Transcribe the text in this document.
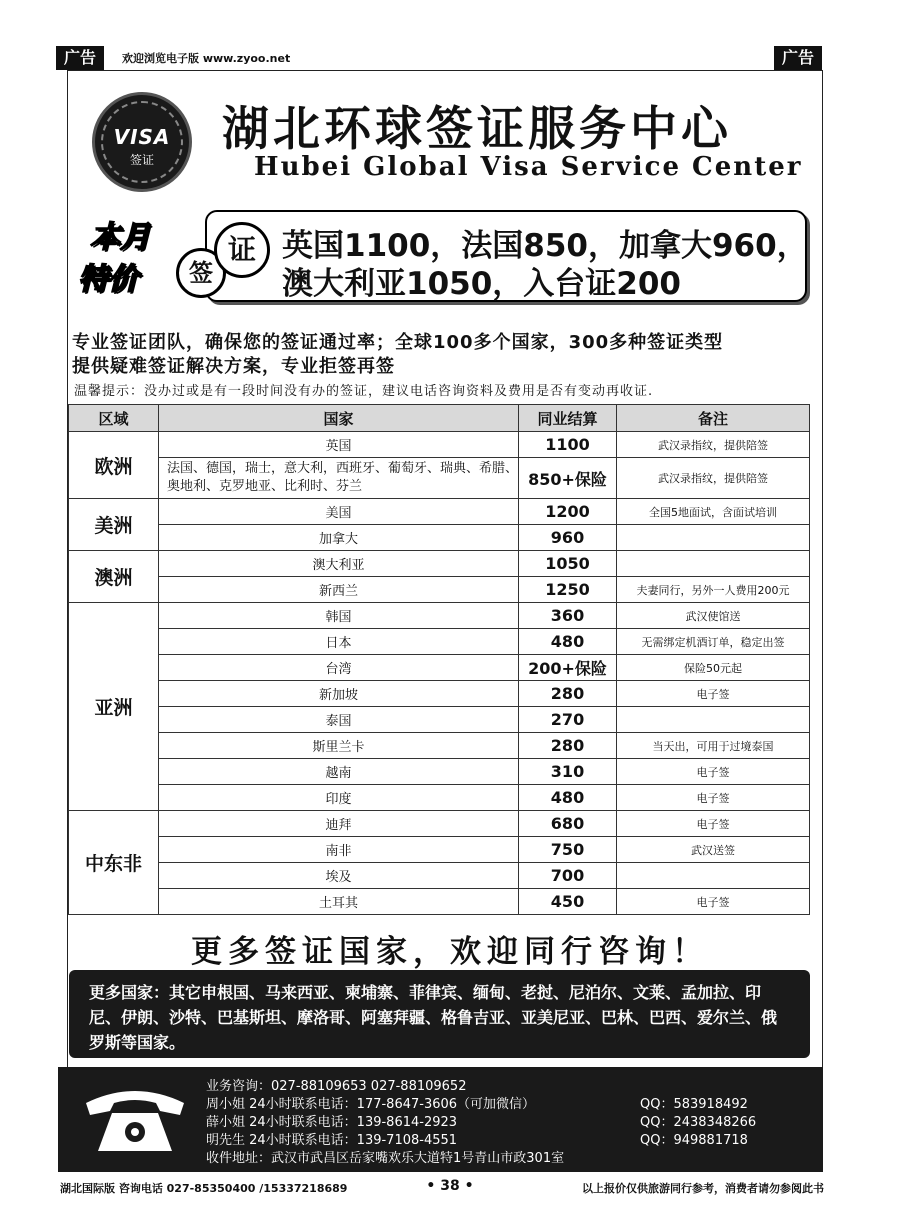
广告	欢迎浏览电子版 www.zyoo.net	广告
VISA
签证
湖北环球签证服务中心
Hubei Global Visa Service Center
英国1100，法国850，加拿大960，
澳大利亚1050，入台证200
本月
特价	签
证
专业签证团队，确保您的签证通过率；全球100多个国家，300多种签证类型
提供疑难签证解决方案，专业拒签再签
温馨提示：没办过或是有一段时间没有办的签证，建议电话咨询资料及费用是否有变动再收证.
区域	国家	同业结算	备注
欧洲	英国	1100	武汉录指纹，提供陪签
	法国、德国，瑞士，意大利，西班牙、葡萄牙、瑞典、希腊、奥地利、克罗地亚、比利时、芬兰	850+保险	武汉录指纹，提供陪签
美洲	美国	1200	全国5地面试，含面试培训
	加拿大	960	
澳洲	澳大利亚	1050	
	新西兰	1250	夫妻同行，另外一人费用200元
亚洲	韩国	360	武汉使馆送
	日本	480	无需绑定机酒订单，稳定出签
	台湾	200+保险	保险50元起
	新加坡	280	电子签
	泰国	270	
	斯里兰卡	280	当天出，可用于过境泰国
	越南	310	电子签
	印度	480	电子签
中东非	迪拜	680	电子签
	南非	750	武汉送签
	埃及	700	
	土耳其	450	电子签
更多签证国家，欢迎同行咨询！
更多国家：其它申根国、马来西亚、柬埔寨、菲律宾、缅甸、老挝、尼泊尔、文莱、孟加拉、印尼、伊朗、沙特、巴基斯坦、摩洛哥、阿塞拜疆、格鲁吉亚、亚美尼亚、巴林、巴西、爱尔兰、俄罗斯等国家。
业务咨询：027-88109653 027-88109652
周小姐 24小时联系电话：177-8647-3606（可加微信）
薛小姐 24小时联系电话：139-8614-2923
明先生 24小时联系电话：139-7108-4551
收件地址：武汉市武昌区岳家嘴欢乐大道特1号青山市政301室
QQ：583918492
QQ：2438348266
QQ：949881718
湖北国际版 咨询电话 027-85350400 /15337218689	• 38 •	以上报价仅供旅游同行参考，消费者请勿参阅此书
